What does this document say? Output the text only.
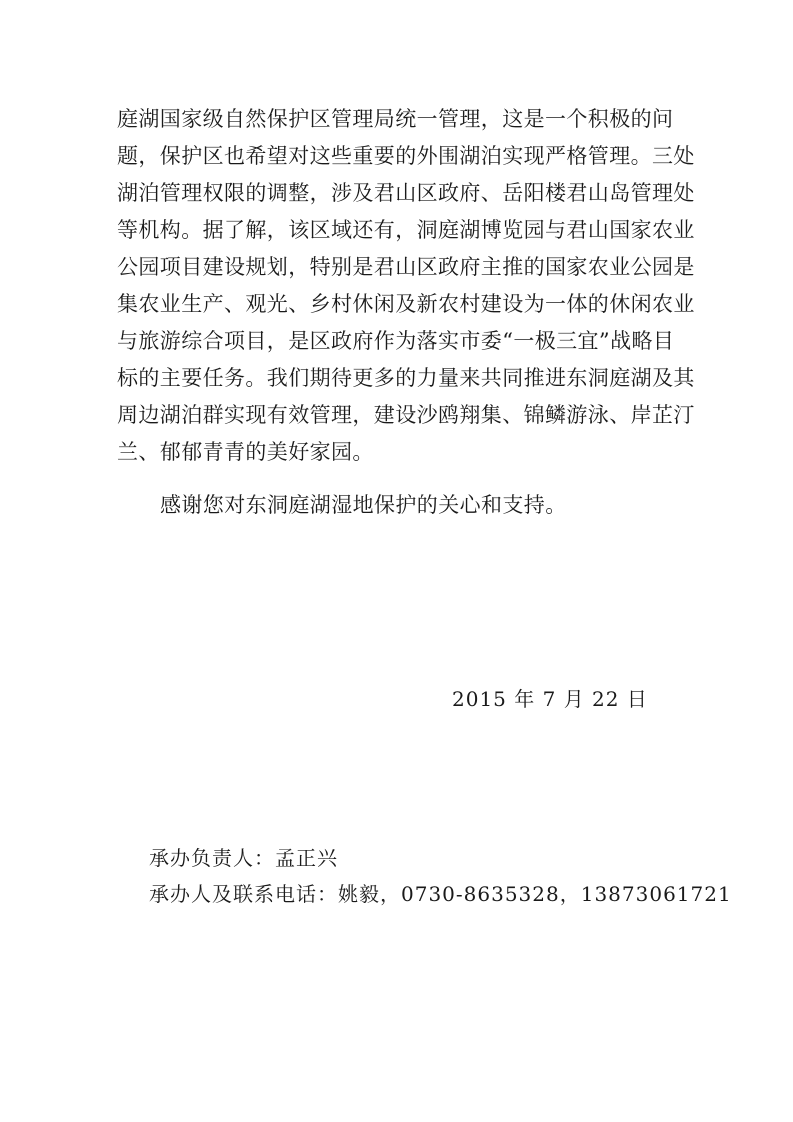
庭湖国家级自然保护区管理局统一管理，这是一个积极的问
题，保护区也希望对这些重要的外围湖泊实现严格管理。三处
湖泊管理权限的调整，涉及君山区政府、岳阳楼君山岛管理处
等机构。据了解，该区域还有，洞庭湖博览园与君山国家农业
公园项目建设规划，特别是君山区政府主推的国家农业公园是
集农业生产、观光、乡村休闲及新农村建设为一体的休闲农业
与旅游综合项目，是区政府作为落实市委“一极三宜”战略目
标的主要任务。我们期待更多的力量来共同推进东洞庭湖及其
周边湖泊群实现有效管理，建设沙鸥翔集、锦鳞游泳、岸芷汀
兰、郁郁青青的美好家园。
感谢您对东洞庭湖湿地保护的关心和支持。
2015 年 7 月 22 日
承办负责人：孟正兴
承办人及联系电话：姚毅，0730-8635328，13873061721
